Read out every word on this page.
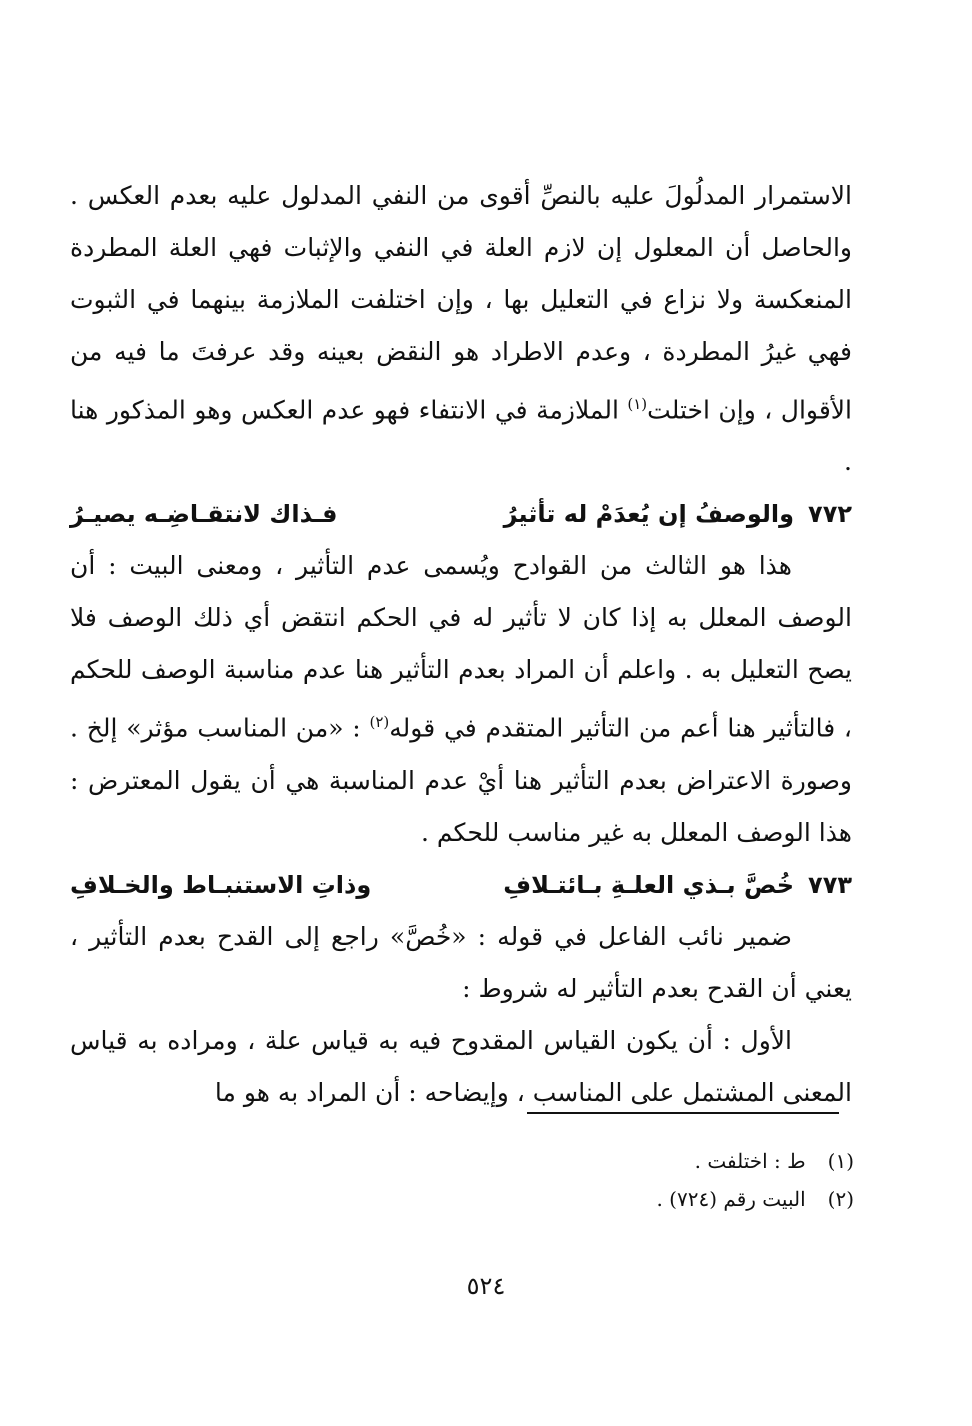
الاستمرار المدلُولَ عليه بالنصِّ أقوى من النفي المدلول عليه بعدم العكس . والحاصل أن المعلول إن لازم العلة في النفي والإثبات فهي العلة المطردة المنعكسة ولا نزاع في التعليل بها ، وإن اختلفت الملازمة بينهما في الثبوت فهي غيرُ المطردة ، وعدم الاطراد هو النقض بعينه وقد عرفتَ ما فيه من الأقوال ، وإن اختلت$^{(١)}$ الملازمة في الانتفاء فهو عدم العكس وهو المذكور هنا .

٧٧٢
والوصفُ إن يُعدَمْ له تأثيرُ
فـذاك لانتقـاضِـه يصيـرُ

هذا هو الثالث من القوادح ويُسمى عدم التأثير ، ومعنى البيت : أن الوصف المعلل به إذا كان لا تأثير له في الحكم انتقض أي ذلك الوصف فلا يصح التعليل به . واعلم أن المراد بعدم التأثير هنا عدم مناسبة الوصف للحكم ، فالتأثير هنا أعم من التأثير المتقدم في قوله$^{(٢)}$ : «من المناسب مؤثر» إلخ . وصورة الاعتراض بعدم التأثير هنا أيْ عدم المناسبة هي أن يقول المعترض : هذا الوصف المعلل به غير مناسب للحكم .

٧٧٣
خُصَّ بـذي العلـةِ بـائتـلافِ
وذاتِ الاستنبـاط والخـلافِ

ضمير نائب الفاعل في قوله : «خُصَّ» راجع إلى القدح بعدم التأثير ، يعني أن القدح بعدم التأثير له شروط :

الأول : أن يكون القياس المقدوح فيه به قياس علة ، ومراده به قياس المعنى المشتمل على المناسب ، وإيضاحه : أن المراد به هو ما

(١)ط : اختلفت .
(٢)البيت رقم (٧٢٤) .
٥٢٤
